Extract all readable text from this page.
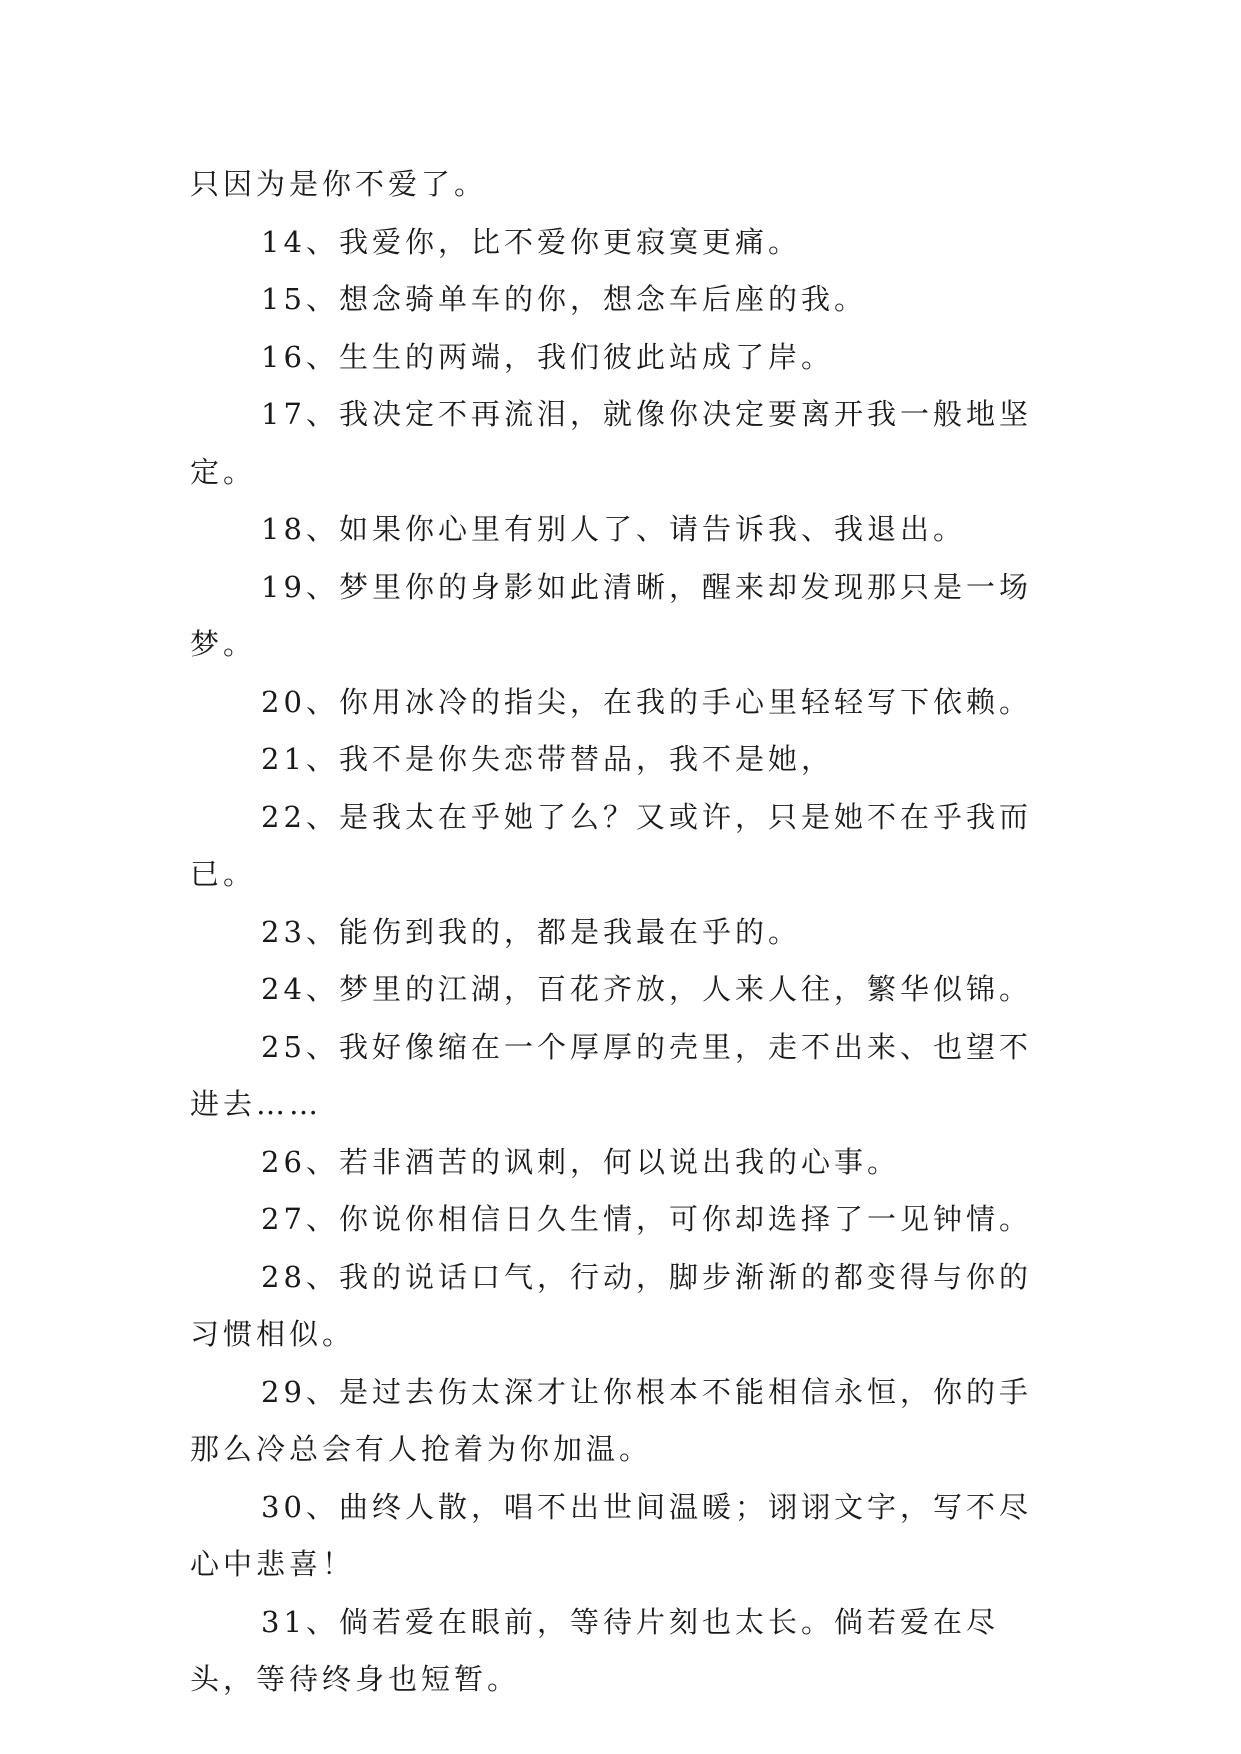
只因为是你不爱了。

14、我爱你，比不爱你更寂寞更痛。

15、想念骑单车的你，想念车后座的我。

16、生生的两端，我们彼此站成了岸。

17、我决定不再流泪，就像你决定要离开我一般地坚定。

18、如果你心里有别人了、请告诉我、我退出。

19、梦里你的身影如此清晰，醒来却发现那只是一场梦。

20、你用冰冷的指尖，在我的手心里轻轻写下依赖。

21、我不是你失恋带替品，我不是她，

22、是我太在乎她了么？又或许，只是她不在乎我而已。

23、能伤到我的，都是我最在乎的。

24、梦里的江湖，百花齐放，人来人往，繁华似锦。

25、我好像缩在一个厚厚的壳里，走不出来、也望不进去……

26、若非酒苦的讽刺，何以说出我的心事。

27、你说你相信日久生情，可你却选择了一见钟情。

28、我的说话口气，行动，脚步渐渐的都变得与你的习惯相似。

29、是过去伤太深才让你根本不能相信永恒，你的手那么冷总会有人抢着为你加温。

30、曲终人散，唱不出世间温暖；诩诩文字，写不尽心中悲喜！

31、倘若爱在眼前，等待片刻也太长。倘若爱在尽头，等待终身也短暂。
